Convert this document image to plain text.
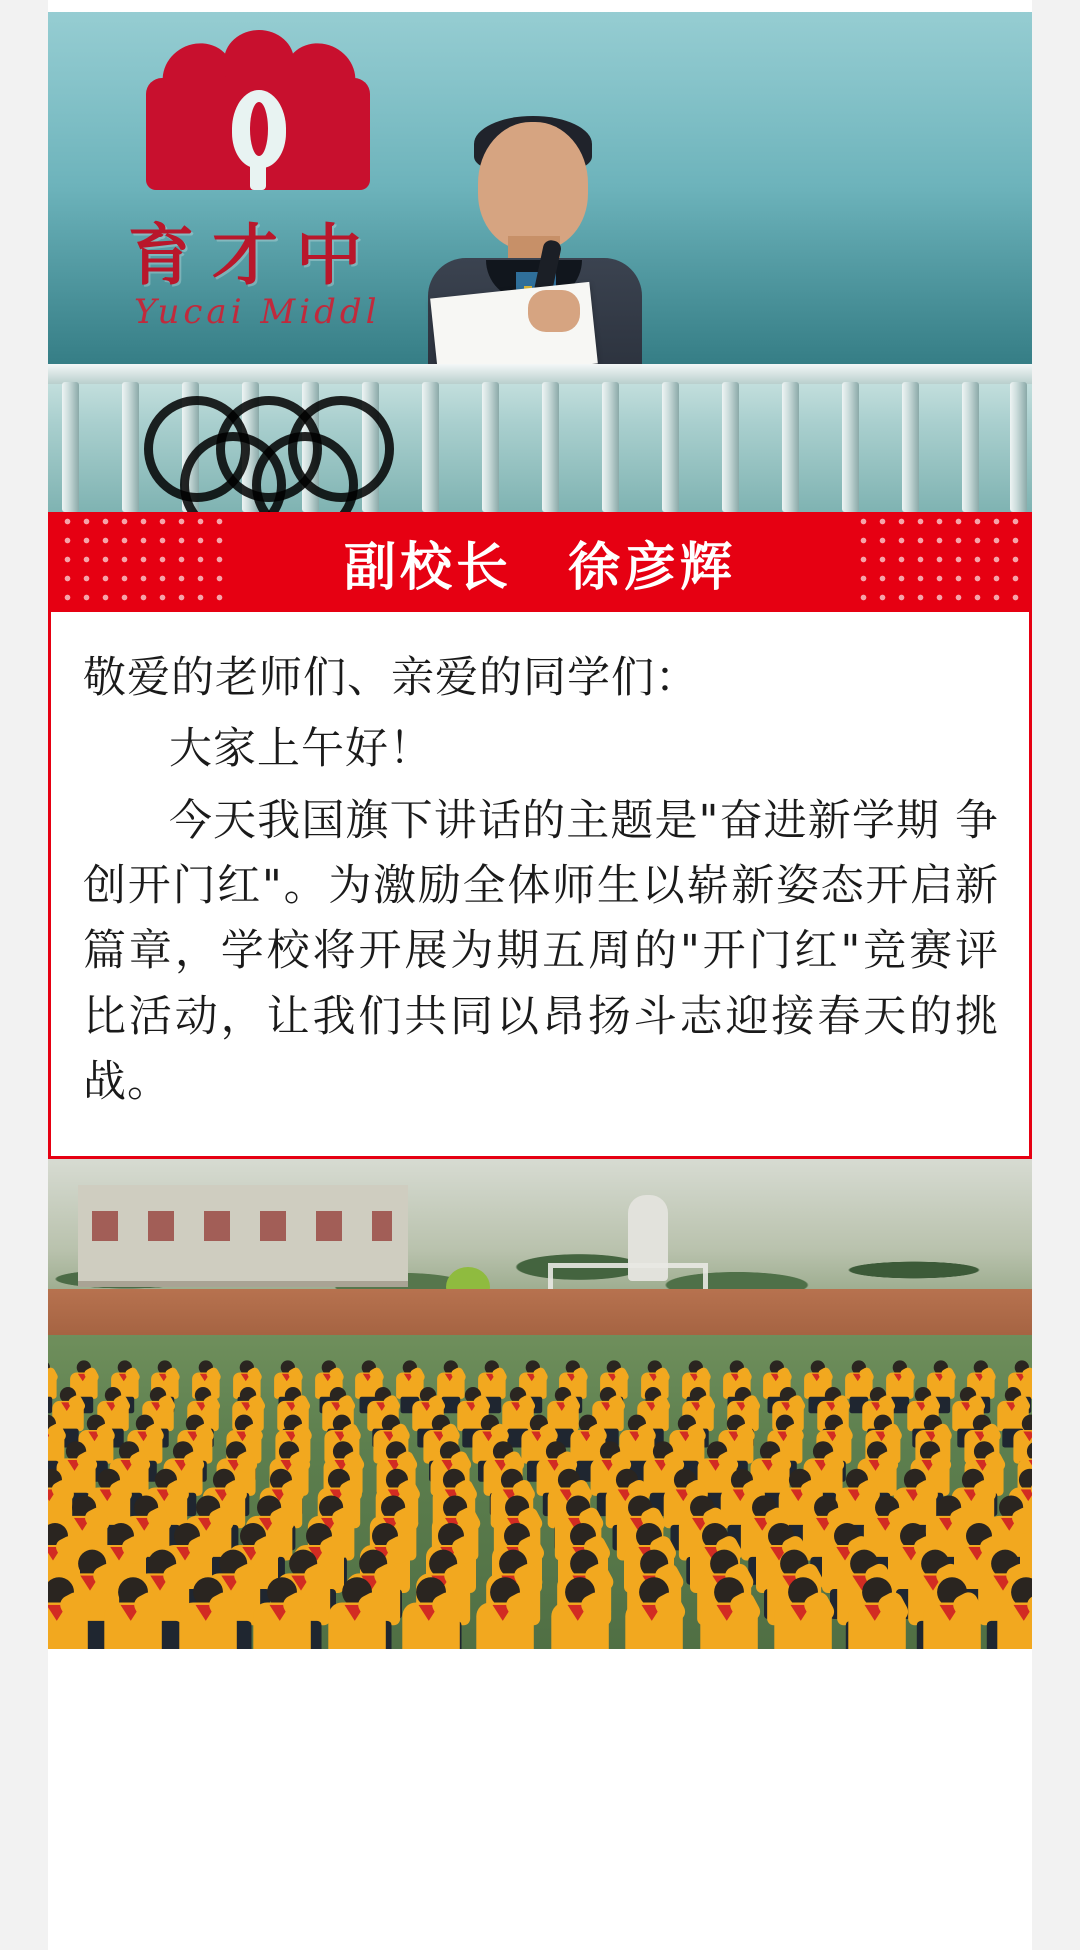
育才中
Yucai Middl
副校长　徐彦辉

敬爱的老师们、亲爱的同学们：

大家上午好！

今天我国旗下讲话的主题是"奋进新学期 争创开门红"。为激励全体师生以崭新姿态开启新篇章，学校将开展为期五周的"开门红"竞赛评比活动，让我们共同以昂扬斗志迎接春天的挑战。
